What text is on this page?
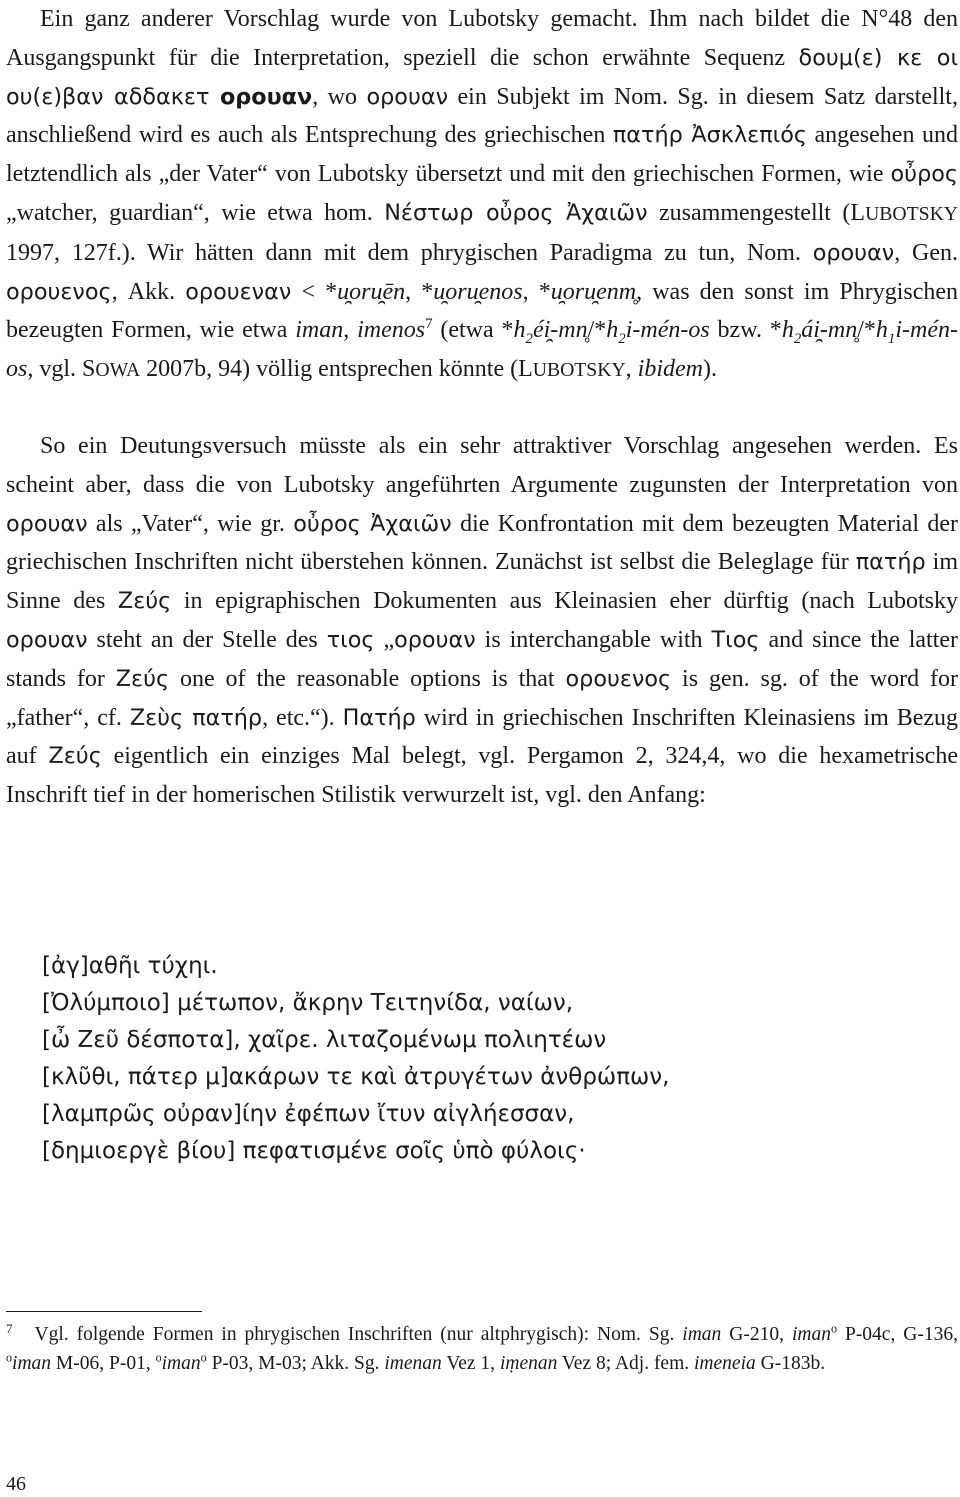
Ein ganz anderer Vorschlag wurde von Lubotsky gemacht. Ihm nach bildet die N°48 den Ausgangspunkt für die Interpretation, speziell die schon erwähnte Sequenz δουμ(ε) κε οι ου(ε)βαν αδδακετ ορουαν, wo ορουαν ein Subjekt im Nom. Sg. in diesem Satz darstellt, anschließend wird es auch als Entsprechung des griechischen πατήρ Ἀσκλεπιός angesehen und letztendlich als „der Vater“ von Lubotsky übersetzt und mit den griechischen Formen, wie οὖρος „watcher, guardian“, wie etwa hom. Νέστωρ οὖρος Ἀχαιῶν zusammengestellt (LUBOTSKY 1997, 127f.). Wir hätten dann mit dem phrygischen Paradigma zu tun, Nom. ορουαν, Gen. ορουενος, Akk. ορουεναν < *u̯oru̯ēn, *u̯oru̯enos, *u̯oru̯enm̥, was den sonst im Phrygischen bezeugten Formen, wie etwa iman, imenos$^7$ (etwa $*h_2éi̯-mn̥/*h_2i-mén-os$ bzw. $*h_2ái̯-mn̥/*h_1i-mén-os$, vgl. SOWA 2007b, 94) völlig entsprechen könnte (LUBOTSKY, ibidem).

So ein Deutungsversuch müsste als ein sehr attraktiver Vorschlag angesehen werden. Es scheint aber, dass die von Lubotsky angeführten Argumente zugunsten der Interpretation von ορουαν als „Vater“, wie gr. οὖρος Ἀχαιῶν die Konfrontation mit dem bezeugten Material der griechischen Inschriften nicht überstehen können. Zunächst ist selbst die Beleglage für πατήρ im Sinne des Ζεύς in epigraphischen Dokumenten aus Kleinasien eher dürftig (nach Lubotsky ορουαν steht an der Stelle des τιος „ορουαν is interchangable with Τιος and since the latter stands for Ζεύς one of the reasonable options is that ορουενος is gen. sg. of the word for „father“, cf. Ζεὺς πατήρ, etc.“). Πατήρ wird in griechischen Inschriften Kleinasiens im Bezug auf Ζεύς eigentlich ein einziges Mal belegt, vgl. Pergamon 2, 324,4, wo die hexametrische Inschrift tief in der homerischen Stilistik verwurzelt ist, vgl. den Anfang:

[ἀγ]αθῆι τύχηι.

[Ὀλύμποιο] μέτωπον, ἄκρην Τειτηνίδα, ναίων,

[ὦ Ζεῦ δέσποτα], χαῖρε. λιταζομένωμ πολιητέων

[κλῦθι, πάτερ μ]ακάρων τε καὶ ἀτρυγέτων ἀνθρώπων,

[λαμπρῶς οὐραν]ίην ἐφέπων ἴτυν αἰγλήεσσαν,

[δημιοεργὲ βίου] πεφατισμένε σοῖς ὑπὸ φύλοις·

$^7$ Vgl. folgende Formen in phrygischen Inschriften (nur altphrygisch): Nom. Sg. iman G-210, iman$^o$ P-04c, G-136, $^o$iman M-06, P-01, $^o$iman$^o$ P-03, M-03; Akk. Sg. imenan Vez 1, iṃenan Vez 8; Adj. fem. imeneia G-183b.

46
